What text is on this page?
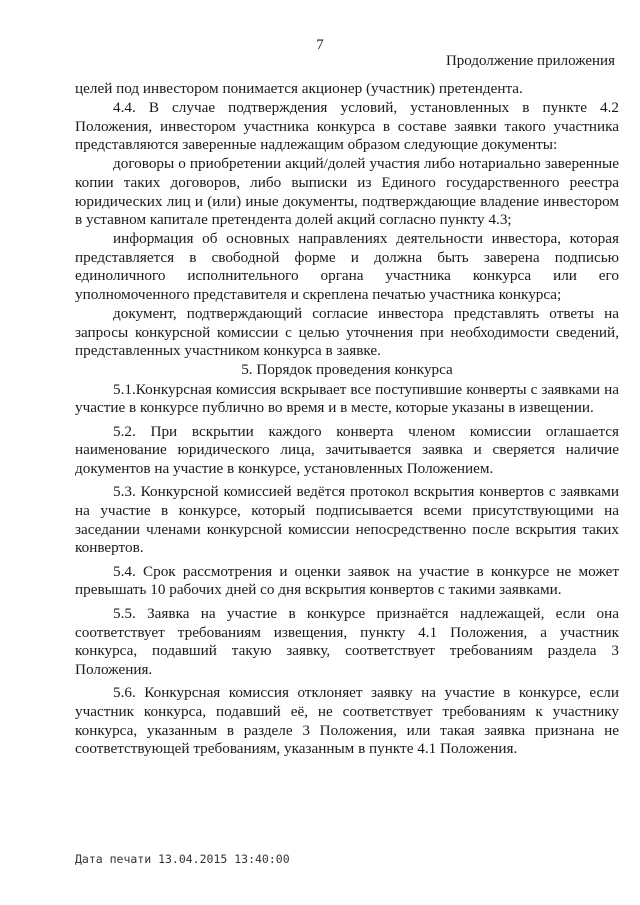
7
Продолжение приложения

целей под инвестором понимается акционер (участник) претендента.

4.4. В случае подтверждения условий, установленных в пункте 4.2 Положения, инвестором участника конкурса в составе заявки такого участника представляются заверенные надлежащим образом следующие документы:

договоры о приобретении акций/долей участия либо нотариально заверенные копии таких договоров, либо выписки из Единого государственного реестра юридических лиц и (или) иные документы, подтверждающие владение инвестором в уставном капитале претендента долей акций согласно пункту 4.3;

информация об основных направлениях деятельности инвестора, которая представляется в свободной форме и должна быть заверена подписью единоличного исполнительного органа участника конкурса или его уполномоченного представителя и скреплена печатью участника конкурса;

документ, подтверждающий согласие инвестора представлять ответы на запросы конкурсной комиссии с целью уточнения при необходимости сведений, представленных участником конкурса в заявке.

5. Порядок проведения конкурса

5.1.Конкурсная комиссия вскрывает все поступившие конверты с заявками на участие в конкурсе публично во время и в месте, которые указаны в извещении.

5.2. При вскрытии каждого конверта членом комиссии оглашается наименование юридического лица, зачитывается заявка и сверяется наличие документов на участие в конкурсе, установленных Положением.

5.3. Конкурсной комиссией ведётся протокол вскрытия конвертов с заявками на участие в конкурсе, который подписывается всеми присутствующими на заседании членами конкурсной комиссии непосредственно после вскрытия таких конвертов.

5.4. Срок рассмотрения и оценки заявок на участие в конкурсе не может превышать 10 рабочих дней со дня вскрытия конвертов с такими заявками.

5.5. Заявка на участие в конкурсе признаётся надлежащей, если она соответствует требованиям извещения, пункту 4.1 Положения, а участник конкурса, подавший такую заявку, соответствует требованиям раздела 3 Положения.

5.6. Конкурсная комиссия отклоняет заявку на участие в конкурсе, если участник конкурса, подавший её, не соответствует требованиям к участнику конкурса, указанным в разделе 3 Положения, или такая заявка признана не соответствующей требованиям, указанным в пункте 4.1 Положения.

Дата печати 13.04.2015 13:40:00
